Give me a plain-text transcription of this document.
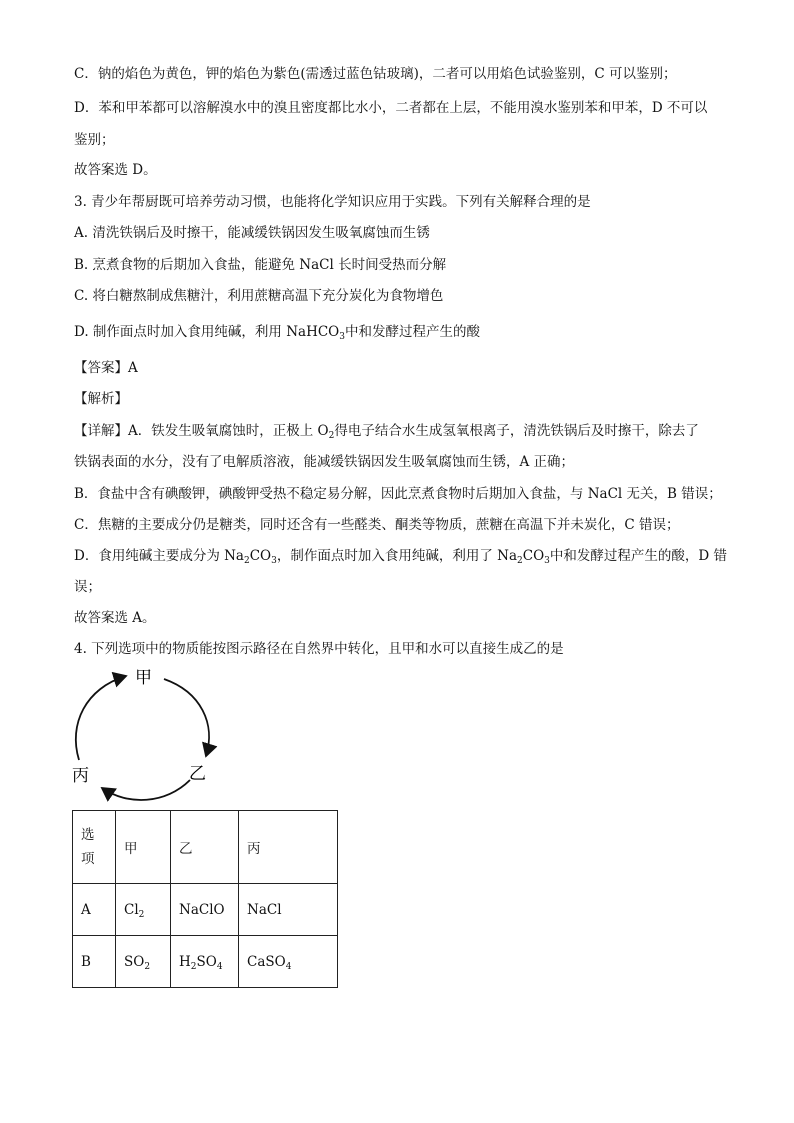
C．钠的焰色为黄色，钾的焰色为紫色(需透过蓝色钴玻璃)，二者可以用焰色试验鉴别，C 可以鉴别；
D．苯和甲苯都可以溶解溴水中的溴且密度都比水小，二者都在上层，不能用溴水鉴别苯和甲苯，D 不可以
鉴别；
故答案选 D。
3. 青少年帮厨既可培养劳动习惯，也能将化学知识应用于实践。下列有关解释合理的是
A. 清洗铁锅后及时擦干，能减缓铁锅因发生吸氧腐蚀而生锈
B. 烹煮食物的后期加入食盐，能避免 NaCl 长时间受热而分解
C. 将白糖熬制成焦糖汁，利用蔗糖高温下充分炭化为食物增色
D. 制作面点时加入食用纯碱，利用 NaHCO$_3$中和发酵过程产生的酸
【答案】A
【解析】
【详解】A．铁发生吸氧腐蚀时，正极上 $O_2$得电子结合水生成氢氧根离子，清洗铁锅后及时擦干，除去了
铁锅表面的水分，没有了电解质溶液，能减缓铁锅因发生吸氧腐蚀而生锈，A 正确；
B．食盐中含有碘酸钾，碘酸钾受热不稳定易分解，因此烹煮食物时后期加入食盐，与 NaCl 无关，B 错误；
C．焦糖的主要成分仍是糖类，同时还含有一些醛类、酮类等物质，蔗糖在高温下并未炭化，C 错误；
D．食用纯碱主要成分为 $Na_2CO_3$，制作面点时加入食用纯碱，利用了 $Na_2CO_3$中和发酵过程产生的酸，D 错
误；
故答案选 A。
4. 下列选项中的物质能按图示路径在自然界中转化，且甲和水可以直接生成乙的是
甲
乙
丙
选
项	甲	乙	丙
A	$Cl_2$	NaClO	NaCl
B	$SO_2$	$H_2SO_4$	CaSO$_4$
